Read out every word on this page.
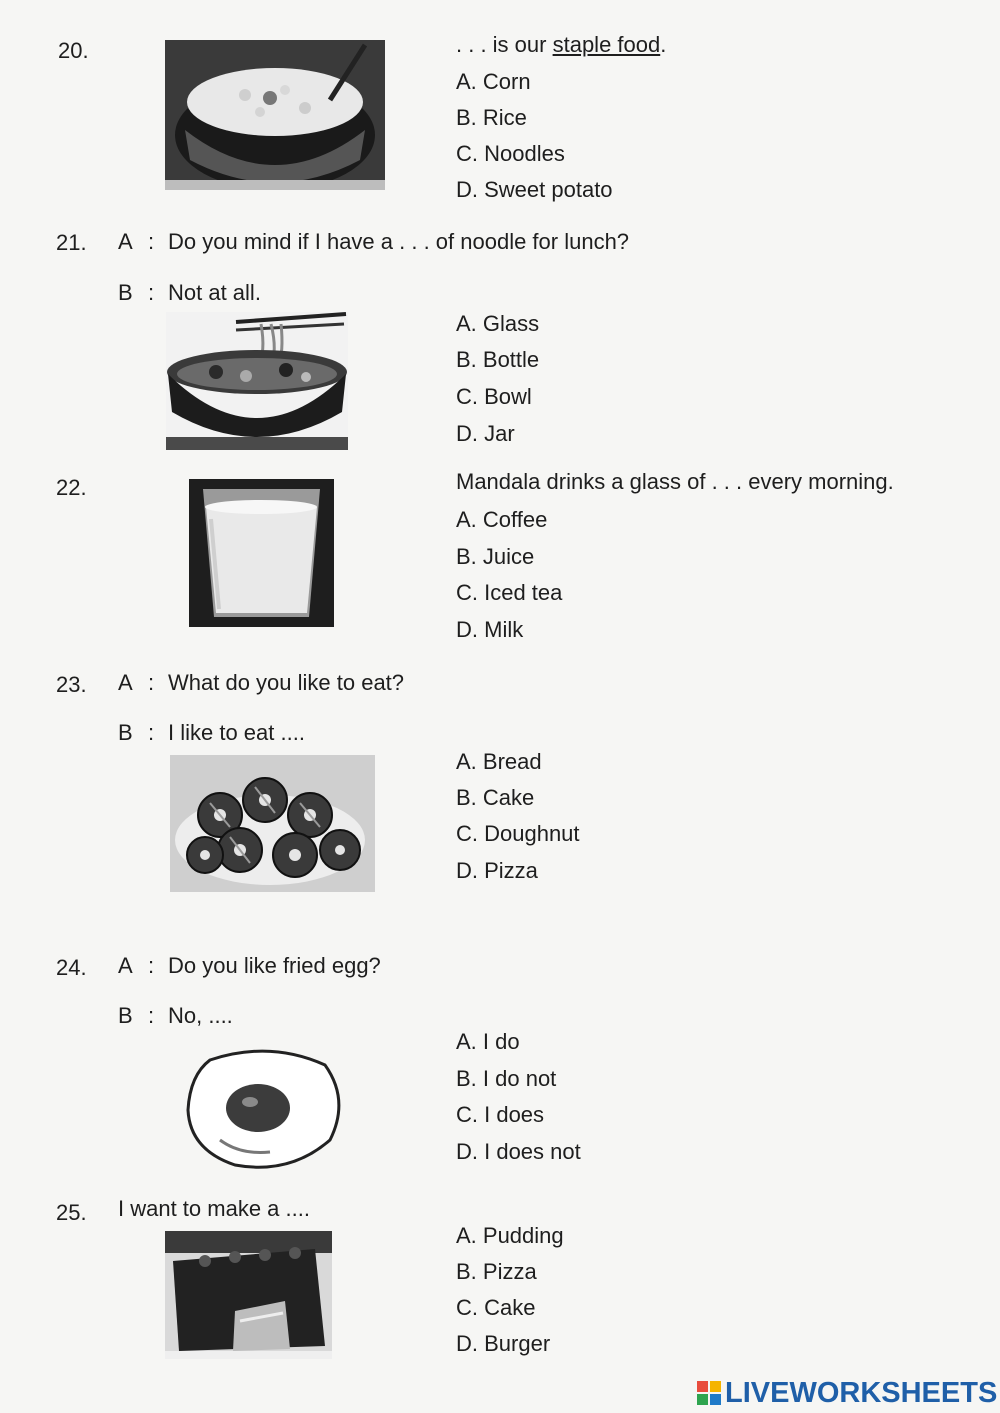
20.	. . . is our staple food.
A. Corn
B. Rice
C. Noodles
D. Sweet potato
21. A : Do you mind if I have a . . . of noodle for lunch?
B : Not at all.
A. Glass
B. Bottle
C. Bowl
D. Jar
22.	Mandala drinks a glass of . . . every morning.
A. Coffee
B. Juice
C. Iced tea
D. Milk
23. A : What do you like to eat?
B : I like to eat ....
A. Bread
B. Cake
C. Doughnut
D. Pizza
24. A : Do you like fried egg?
B : No, ....
A. I do
B. I do not
C. I does
D. I does not
25. I want to make a ....
A. Pudding
B. Pizza
C. Cake
D. Burger
LIVEWORKSHEETS
